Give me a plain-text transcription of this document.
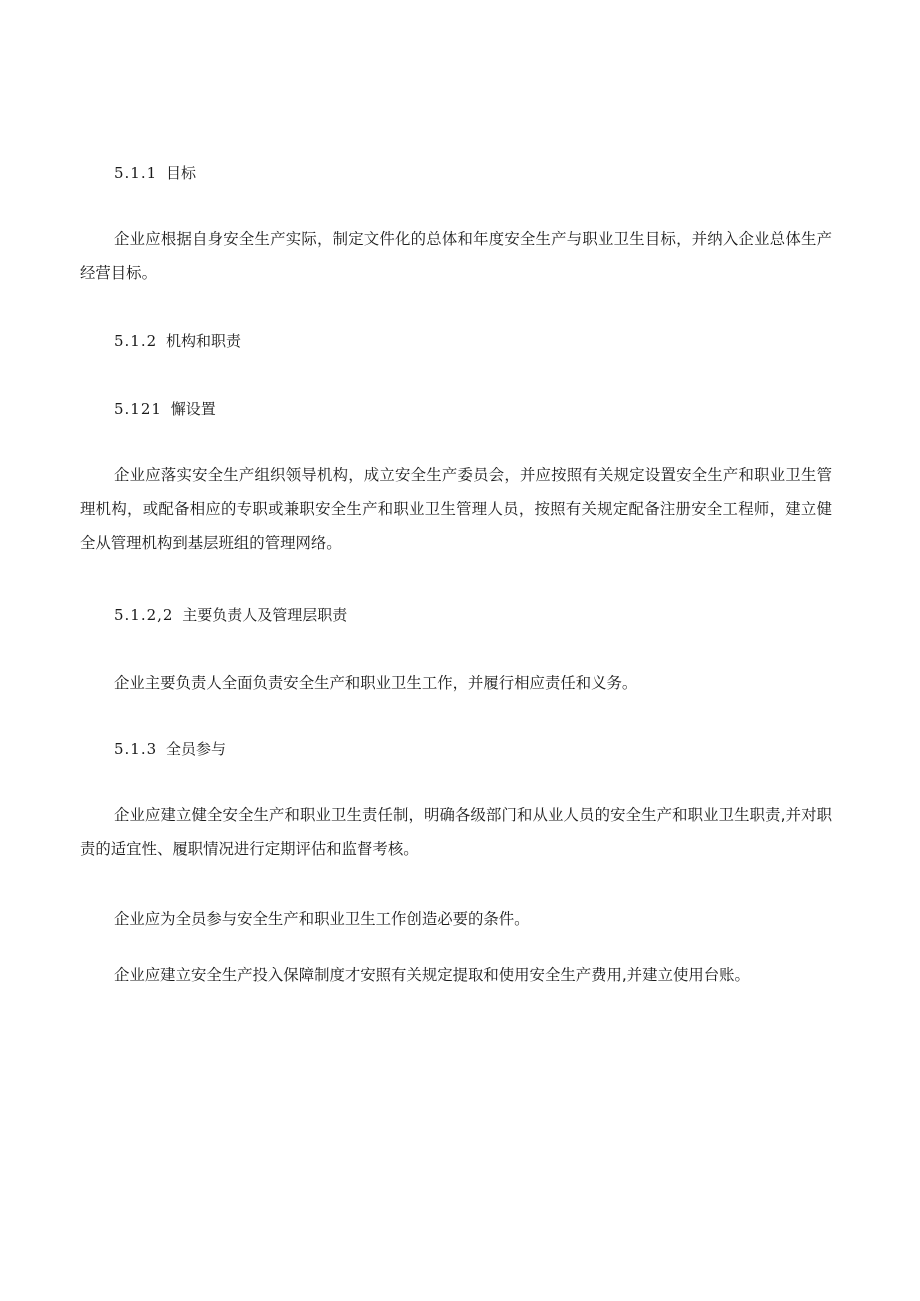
5.1.1 目标

企业应根据自身安全生产实际，制定文件化的总体和年度安全生产与职业卫生目标，并纳入企业总体生产经营目标。

5.1.2 机构和职责
5.121 懈设置

企业应落实安全生产组织领导机构，成立安全生产委员会，并应按照有关规定设置安全生产和职业卫生管理机构，或配备相应的专职或兼职安全生产和职业卫生管理人员，按照有关规定配备注册安全工程师，建立健全从管理机构到基层班组的管理网络。

5.1.2,2 主要负责人及管理层职责

企业主要负责人全面负责安全生产和职业卫生工作，并履行相应责任和义务。

5.1.3 全员参与

企业应建立健全安全生产和职业卫生责任制，明确各级部门和从业人员的安全生产和职业卫生职责,并对职责的适宜性、履职情况进行定期评估和监督考核。

企业应为全员参与安全生产和职业卫生工作创造必要的条件。

企业应建立安全生产投入保障制度才安照有关规定提取和使用安全生产费用,并建立使用台账。
